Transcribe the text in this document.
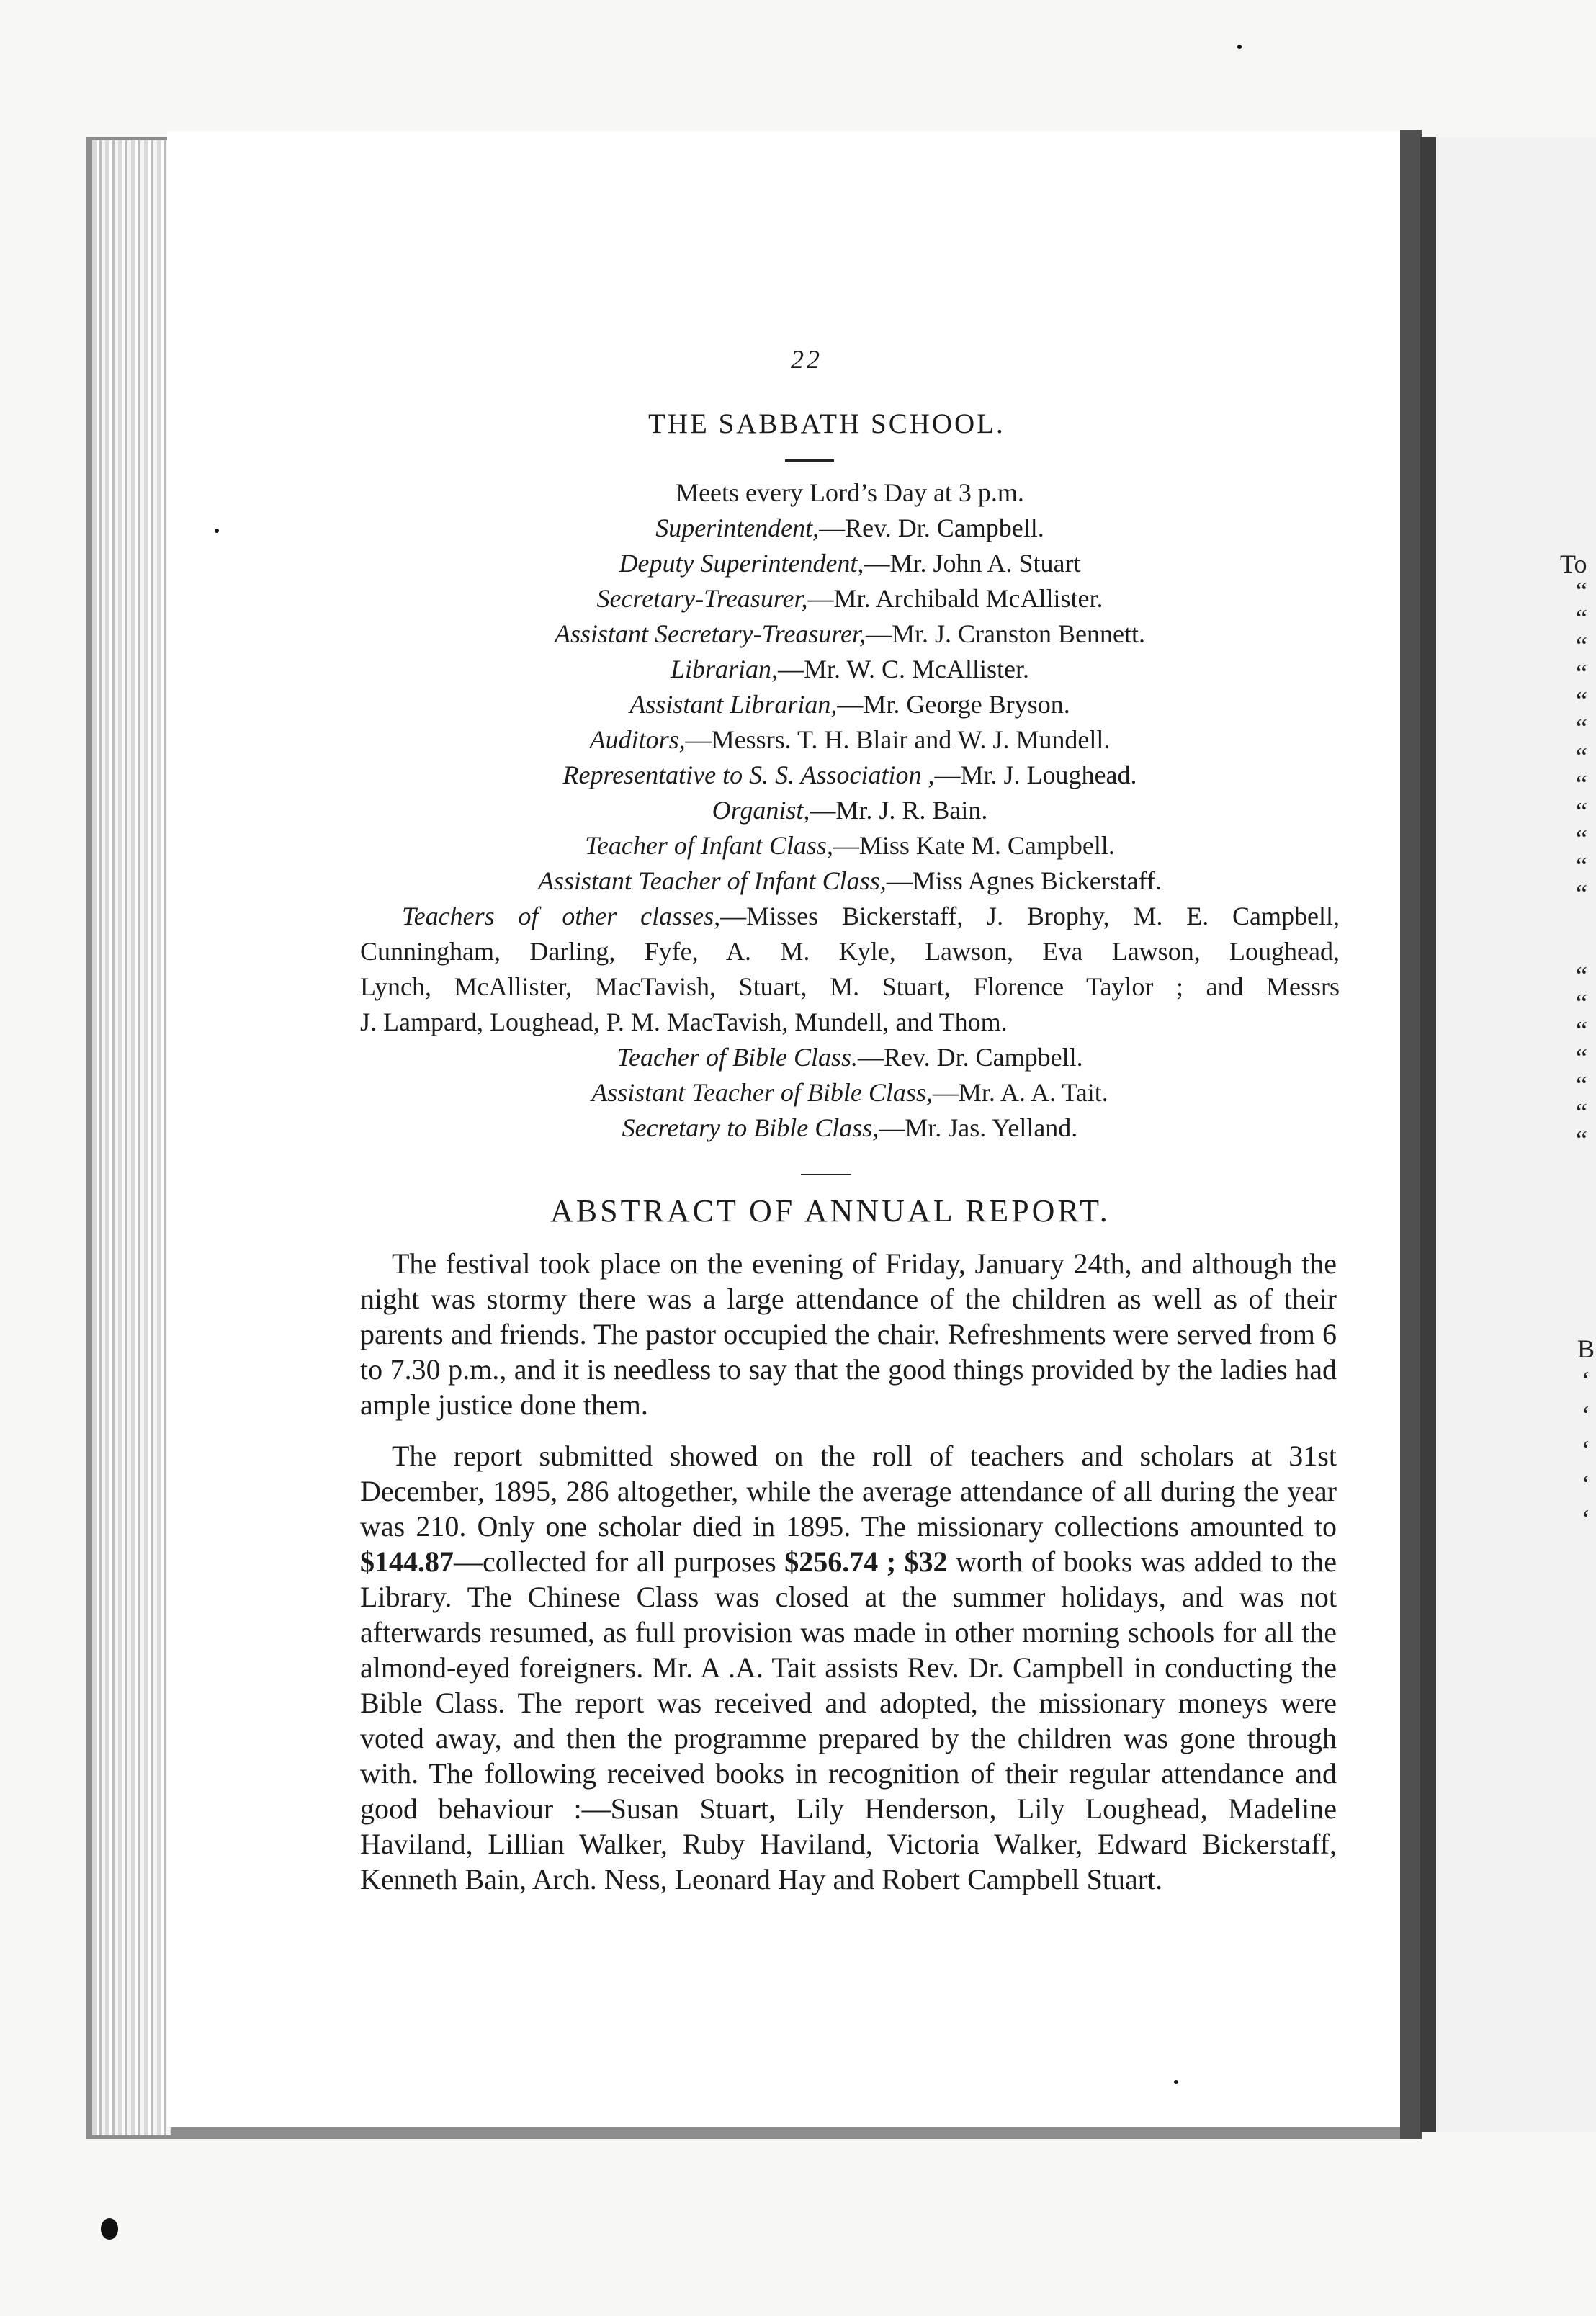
22
THE SABBATH SCHOOL.
Meets every Lord’s Day at 3 p.m.
Superintendent,—Rev. Dr. Campbell.
Deputy Superintendent,—Mr. John A. Stuart
Secretary-Treasurer,—Mr. Archibald McAllister.
Assistant Secretary-Treasurer,—Mr. J. Cranston Bennett.
Librarian,—Mr. W. C. McAllister.
Assistant Librarian,—Mr. George Bryson.
Auditors,—Messrs. T. H. Blair and W. J. Mundell.
Representative to S. S. Association ,—Mr. J. Loughead.
Organist,—Mr. J. R. Bain.
Teacher of Infant Class,—Miss Kate M. Campbell.
Assistant Teacher of Infant Class,—Miss Agnes Bickerstaff.
Teachers of other classes,—Misses Bickerstaff, J. Brophy, M. E. Campbell,
Cunningham, Darling, Fyfe, A. M. Kyle, Lawson, Eva Lawson, Loughead,
Lynch, McAllister, MacTavish, Stuart, M. Stuart, Florence Taylor ; and Messrs
J. Lampard, Loughead, P. M. MacTavish, Mundell, and Thom.
Teacher of Bible Class.—Rev. Dr. Campbell.
Assistant Teacher of Bible Class,—Mr. A. A. Tait.
Secretary to Bible Class,—Mr. Jas. Yelland.
ABSTRACT OF ANNUAL REPORT.

The festival took place on the evening of Friday, January 24th, and although the night was stormy there was a large attendance of the children as well as of their parents and friends. The pastor occupied the chair. Refreshments were served from 6 to 7.30 p.m., and it is needless to say that the good things provided by the ladies had ample justice done them.

The report submitted showed on the roll of teachers and scholars at 31st December, 1895, 286 altogether, while the average attendance of all during the year was 210. Only one scholar died in 1895. The missionary collections amounted to $144.87—collected for all purposes $256.74 ; $32 worth of books was added to the Library. The Chinese Class was closed at the summer holidays, and was not afterwards resumed, as full provision was made in other morning schools for all the almond-eyed foreigners. Mr. A .A. Tait assists Rev. Dr. Campbell in conducting the Bible Class. The report was received and adopted, the missionary moneys were voted away, and then the programme prepared by the children was gone through with. The following received books in recognition of their regular attendance and good behaviour :—Susan Stuart, Lily Henderson, Lily Loughead, Madeline Haviland, Lillian Walker, Ruby Haviland, Victoria Walker, Edward Bickerstaff, Kenneth Bain, Arch. Ness, Leonard Hay and Robert Campbell Stuart.

To
“
“
“
“
“
“
“
“
“
“
“
“
“
“
“
“
“
“
“
B
‘
‘
‘
‘
‘
